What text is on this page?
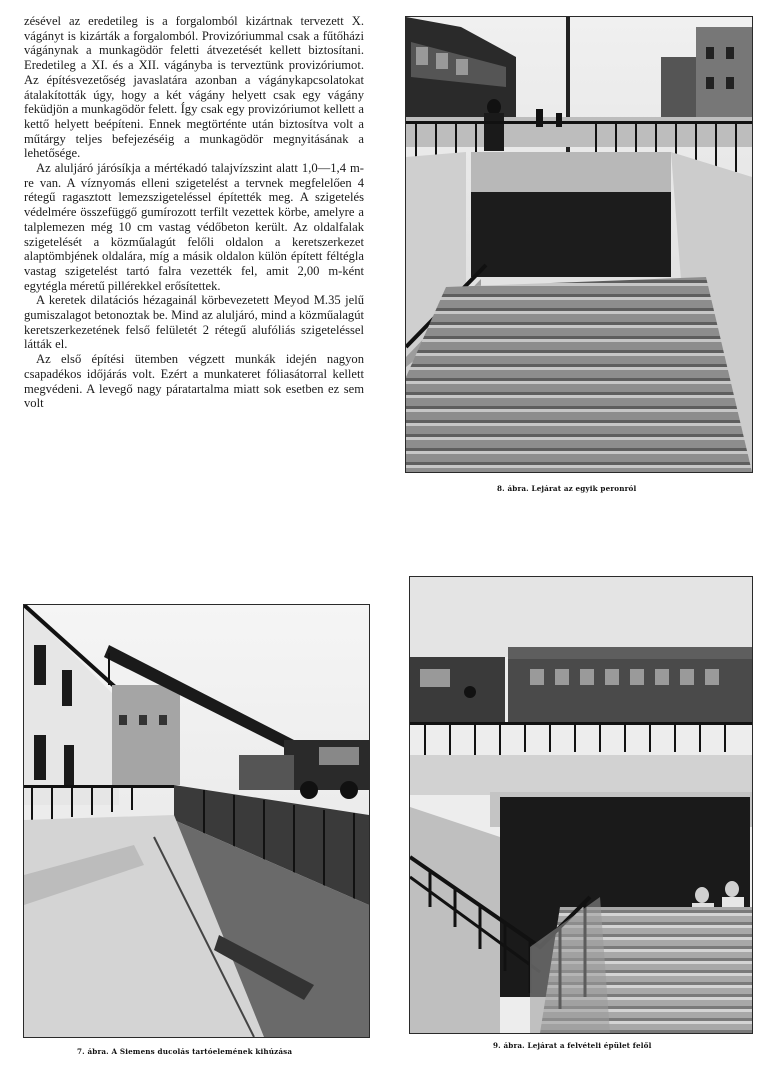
zésével az eredetileg is a forgalomból kizártnak tervezett X. vágányt is kizárták a forgalomból. Provizóriummal csak a fűtőházi vágánynak a munkagödör feletti átvezetését kellett biztosítani. Eredetileg a XI. és a XII. vágányba is terveztünk provizóriumot. Az építésvezetőség javaslatára azonban a vágánykapcsolatokat átalakították úgy, hogy a két vágány helyett csak egy vágány feküdjön a munkagödör felett. Így csak egy provizóriumot kellett a kettő helyett beépíteni. Ennek megtörténte után biztosítva volt a műtárgy teljes befejezéséig a munkagödör megnyitásának a lehetősége.

Az aluljáró járósíkja a mértékadó talajvízszint alatt 1,0—1,4 m-re van. A víznyomás elleni szigetelést a tervnek megfelelően 4 rétegű ragasztott lemezszigeteléssel építették meg. A szigetelés védelmére összefüggő gumírozott terfilt vezettek körbe, amelyre a talplemezen még 10 cm vastag védőbeton került. Az oldalfalak szigetelését a közműalagút felőli oldalon a keretszerkezet alaptömbjének oldalára, míg a másik oldalon külön épített féltégla vastag szigetelést tartó falra vezették fel, amit 2,00 m-ként egytégla méretű pillérekkel erősítettek.

A keretek dilatációs hézagainál körbevezetett Meyod M.35 jelű gumiszalagot betonoztak be. Mind az aluljáró, mind a közműalagút keretszerkezetének felső felületét 2 rétegű alufóliás szigeteléssel látták el.

Az első építési ütemben végzett munkák idején nagyon csapadékos időjárás volt. Ezért a munkateret fóliasátorral kellett megvédeni. A levegő nagy páratartalma miatt sok esetben ez sem volt

8. ábra. Lejárat az egyik peronról
7. ábra. A Siemens ducolás tartóelemének kihúzása
9. ábra. Lejárat a felvételi épület felől
